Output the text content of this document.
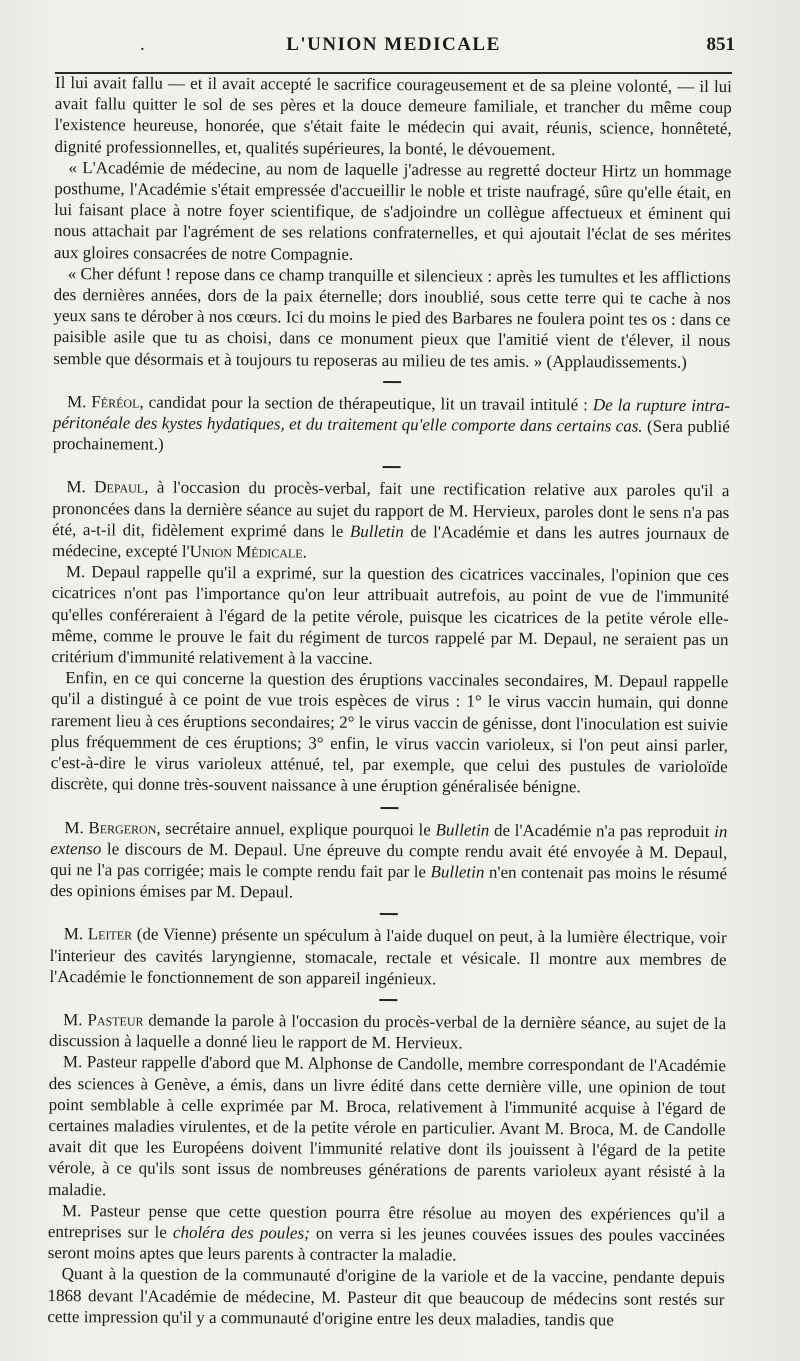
.	L'UNION MEDICALE	851

Il lui avait fallu — et il avait accepté le sacrifice courageusement et de sa pleine volonté, — il lui avait fallu quitter le sol de ses pères et la douce demeure familiale, et trancher du même coup l'existence heureuse, honorée, que s'était faite le médecin qui avait, réunis, science, honnêteté, dignité professionnelles, et, qualités supérieures, la bonté, le dévouement.

« L'Académie de médecine, au nom de laquelle j'adresse au regretté docteur Hirtz un hommage posthume, l'Académie s'était empressée d'accueillir le noble et triste naufragé, sûre qu'elle était, en lui faisant place à notre foyer scientifique, de s'adjoindre un collègue affectueux et éminent qui nous attachait par l'agrément de ses relations confraternelles, et qui ajoutait l'éclat de ses mérites aux gloires consacrées de notre Compagnie.

« Cher défunt ! repose dans ce champ tranquille et silencieux : après les tumultes et les afflictions des dernières années, dors de la paix éternelle; dors inoublié, sous cette terre qui te cache à nos yeux sans te dérober à nos cœurs. Ici du moins le pied des Barbares ne foulera point tes os : dans ce paisible asile que tu as choisi, dans ce monument pieux que l'amitié vient de t'élever, il nous semble que désormais et à toujours tu reposeras au milieu de tes amis. » (Applaudissements.)

M. Féréol, candidat pour la section de thérapeutique, lit un travail intitulé : De la rupture intra-péritonéale des kystes hydatiques, et du traitement qu'elle comporte dans certains cas. (Sera publié prochainement.)

M. Depaul, à l'occasion du procès-verbal, fait une rectification relative aux paroles qu'il a prononcées dans la dernière séance au sujet du rapport de M. Hervieux, paroles dont le sens n'a pas été, a-t-il dit, fidèlement exprimé dans le Bulletin de l'Académie et dans les autres journaux de médecine, excepté l'Union Médicale.

M. Depaul rappelle qu'il a exprimé, sur la question des cicatrices vaccinales, l'opinion que ces cicatrices n'ont pas l'importance qu'on leur attribuait autrefois, au point de vue de l'immunité qu'elles conféreraient à l'égard de la petite vérole, puisque les cicatrices de la petite vérole elle-même, comme le prouve le fait du régiment de turcos rappelé par M. Depaul, ne seraient pas un critérium d'immunité relativement à la vaccine.

Enfin, en ce qui concerne la question des éruptions vaccinales secondaires, M. Depaul rappelle qu'il a distingué à ce point de vue trois espèces de virus : 1° le virus vaccin humain, qui donne rarement lieu à ces éruptions secondaires; 2° le virus vaccin de génisse, dont l'inoculation est suivie plus fréquemment de ces éruptions; 3° enfin, le virus vaccin varioleux, si l'on peut ainsi parler, c'est-à-dire le virus varioleux atténué, tel, par exemple, que celui des pustules de varioloïde discrète, qui donne très-souvent naissance à une éruption généralisée bénigne.

M. Bergeron, secrétaire annuel, explique pourquoi le Bulletin de l'Académie n'a pas reproduit in extenso le discours de M. Depaul. Une épreuve du compte rendu avait été envoyée à M. Depaul, qui ne l'a pas corrigée; mais le compte rendu fait par le Bulletin n'en contenait pas moins le résumé des opinions émises par M. Depaul.

M. Leiter (de Vienne) présente un spéculum à l'aide duquel on peut, à la lumière électrique, voir l'interieur des cavités laryngienne, stomacale, rectale et vésicale. Il montre aux membres de l'Académie le fonctionnement de son appareil ingénieux.

M. Pasteur demande la parole à l'occasion du procès-verbal de la dernière séance, au sujet de la discussion à laquelle a donné lieu le rapport de M. Hervieux.

M. Pasteur rappelle d'abord que M. Alphonse de Candolle, membre correspondant de l'Académie des sciences à Genève, a émis, dans un livre édité dans cette dernière ville, une opinion de tout point semblable à celle exprimée par M. Broca, relativement à l'immunité acquise à l'égard de certaines maladies virulentes, et de la petite vérole en particulier. Avant M. Broca, M. de Candolle avait dit que les Européens doivent l'immunité relative dont ils jouissent à l'égard de la petite vérole, à ce qu'ils sont issus de nombreuses générations de parents varioleux ayant résisté à la maladie.

M. Pasteur pense que cette question pourra être résolue au moyen des expériences qu'il a entreprises sur le choléra des poules; on verra si les jeunes couvées issues des poules vaccinées seront moins aptes que leurs parents à contracter la maladie.

Quant à la question de la communauté d'origine de la variole et de la vaccine, pendante depuis 1868 devant l'Académie de médecine, M. Pasteur dit que beaucoup de médecins sont restés sur cette impression qu'il y a communauté d'origine entre les deux maladies, tandis que
